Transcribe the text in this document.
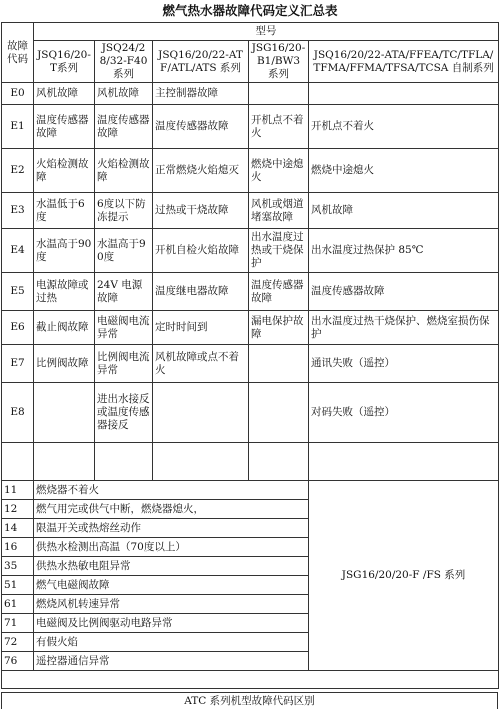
燃气热水器故障代码定义汇总表
故障代码	型号				
	JSQ16/20-T系列	JSQ24/28/32-F40 系列	JSQ16/20/22-ATF/ATL/ATS 系列	JSG16/20-B1/BW3 系列	JSQ16/20/22-ATA/FFEA/TC/TFLA/TFMA/FFMA/TFSA/TCSA 自制系列
E0	风机故障	风机故障	主控制器故障		
E1	温度传感器故障	温度传感器故障	温度传感器故障	开机点不着火	开机点不着火
E2	火焰检测故障	火焰检测故障	正常燃烧火焰熄灭	燃烧中途熄火	燃烧中途熄火
E3	水温低于6度	6度以下防冻提示	过热或干烧故障	风机或烟道堵塞故障	风机故障
E4	水温高于90度	水温高于90度	开机自检火焰故障	出水温度过热或干烧保护	出水温度过热保护 85℃
E5	电源故障或过热	24V 电源故障	温度继电器故障	温度传感器故障	温度传感器故障
E6	截止阀故障	电磁阀电流异常	定时时间到	漏电保护故障	出水温度过热干烧保护、燃烧室损伤保护
E7	比例阀故障	比例阀电流异常	风机故障或点不着火		通讯失败（遥控）
E8		进出水接反或温度传感器接反			对码失败（遥控）

11	燃烧器不着火				JSG16/20/20-F /FS 系列
12	燃气用完或供气中断，燃烧器熄火，				
14	限温开关或热熔丝动作				
16	供热水检测出高温（70度以上）				
35	供热水热敏电阻异常				
51	燃气电磁阀故障				
61	燃烧风机转速异常				
71	电磁阀及比例阀驱动电路异常				
72	有假火焰				
76	遥控器通信异常				

ATC 系列机型故障代码区别
